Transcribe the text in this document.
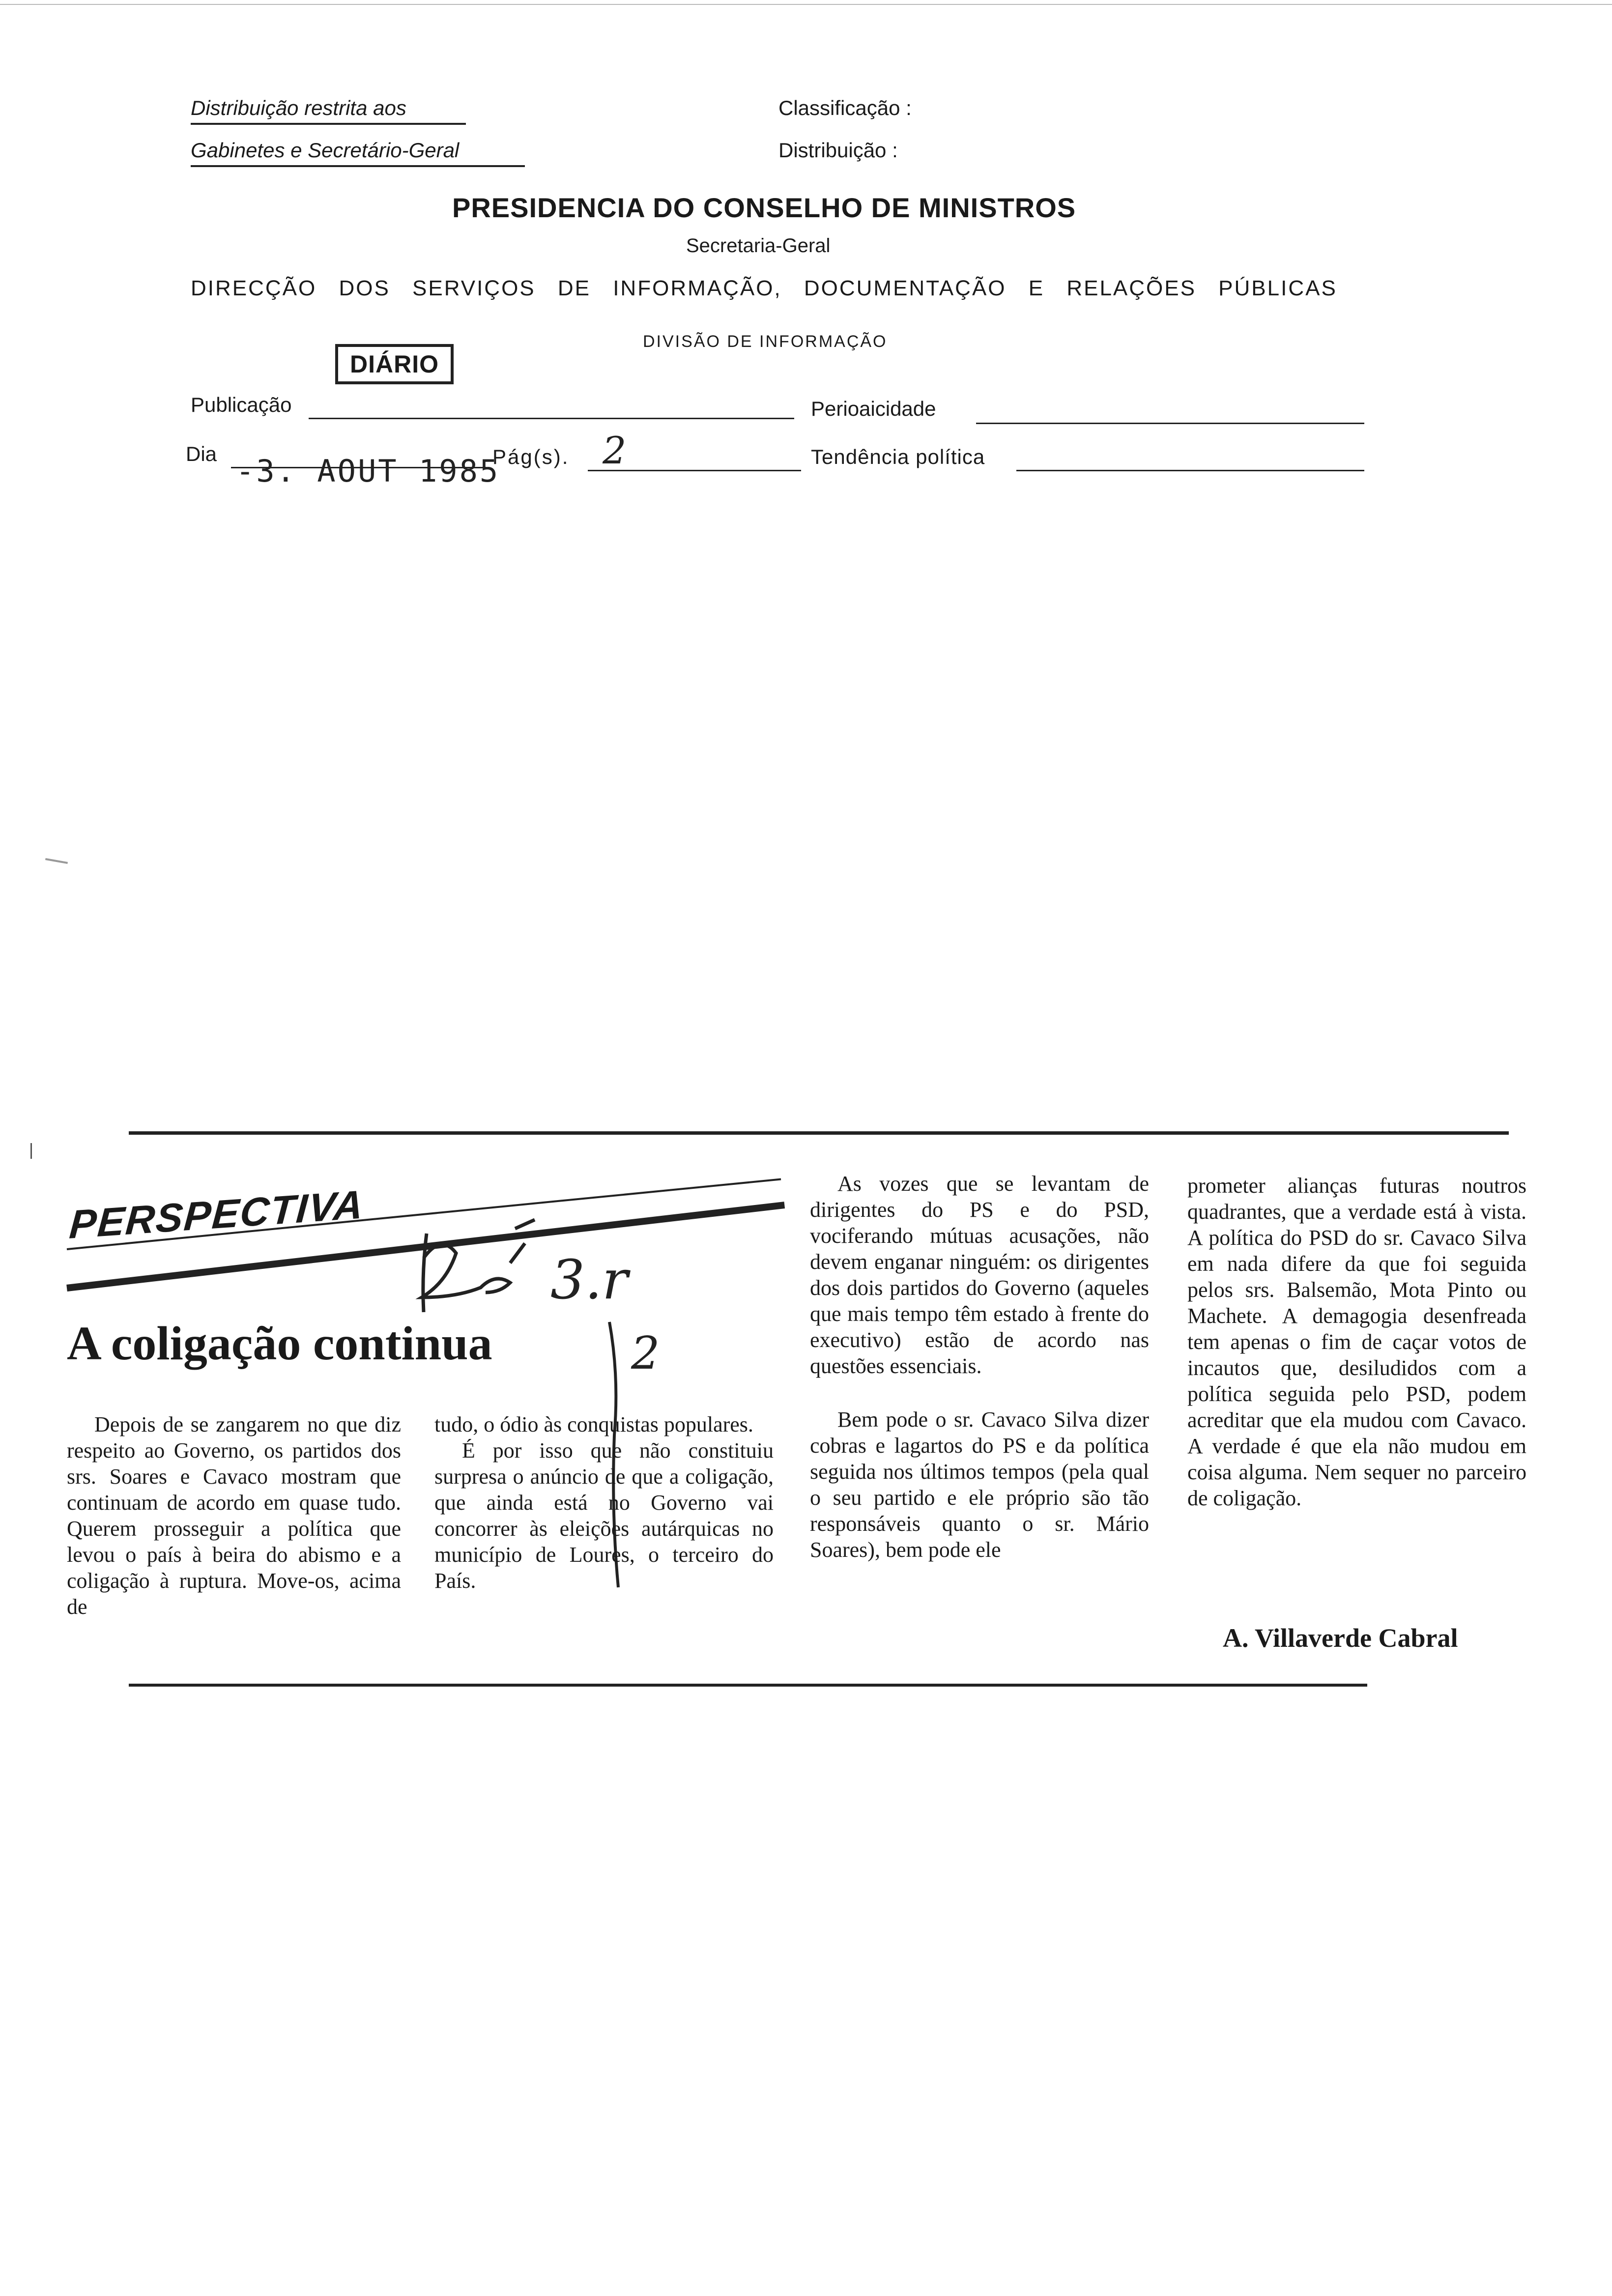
Distribuição restrita aos
Gabinetes e Secretário-Geral
Classificação :
Distribuição :
PRESIDENCIA DO CONSELHO DE MINISTROS
Secretaria-Geral
DIRECÇÃO DOS SERVIÇOS DE INFORMAÇÃO, DOCUMENTAÇÃO E RELAÇÕES PÚBLICAS
DIVISÃO DE INFORMAÇÃO
DIÁRIO
Publicação	Perioaicidade
Dia -3. AOUT 1985
Pág(s). 2	Tendência política
PERSPECTIVA
3.r
2
A coligação continua
Depois de se zangarem no que diz respeito ao Governo, os partidos dos srs. Soares e Cavaco mostram que continuam de acordo em quase tudo. Querem prosseguir a política que levou o país à beira do abismo e a coligação à ruptura. Move-os, acima de
tudo, o ódio às conquistas populares.
É por isso que não constituiu surpresa o anúncio de que a coligação, que ainda está no Governo vai concorrer às eleições autárquicas no município de Loures, o terceiro do País.
As vozes que se levantam de dirigentes do PS e do PSD, vociferando mútuas acusações, não devem enganar ninguém: os dirigentes dos dois partidos do Governo (aqueles que mais tempo têm estado à frente do executivo) estão de acordo nas questões essenciais.
Bem pode o sr. Cavaco Silva dizer cobras e lagartos do PS e da política seguida nos últimos tempos (pela qual o seu partido e ele próprio são tão responsáveis quanto o sr. Mário Soares), bem pode ele
prometer alianças futuras noutros quadrantes, que a verdade está à vista. A política do PSD do sr. Cavaco Silva em nada difere da que foi seguida pelos srs. Balsemão, Mota Pinto ou Machete. A demagogia desenfreada tem apenas o fim de caçar votos de incautos que, desiludidos com a política seguida pelo PSD, podem acreditar que ela mudou com Cavaco. A verdade é que ela não mudou em coisa alguma. Nem sequer no parceiro de coligação.
A. Villaverde Cabral
